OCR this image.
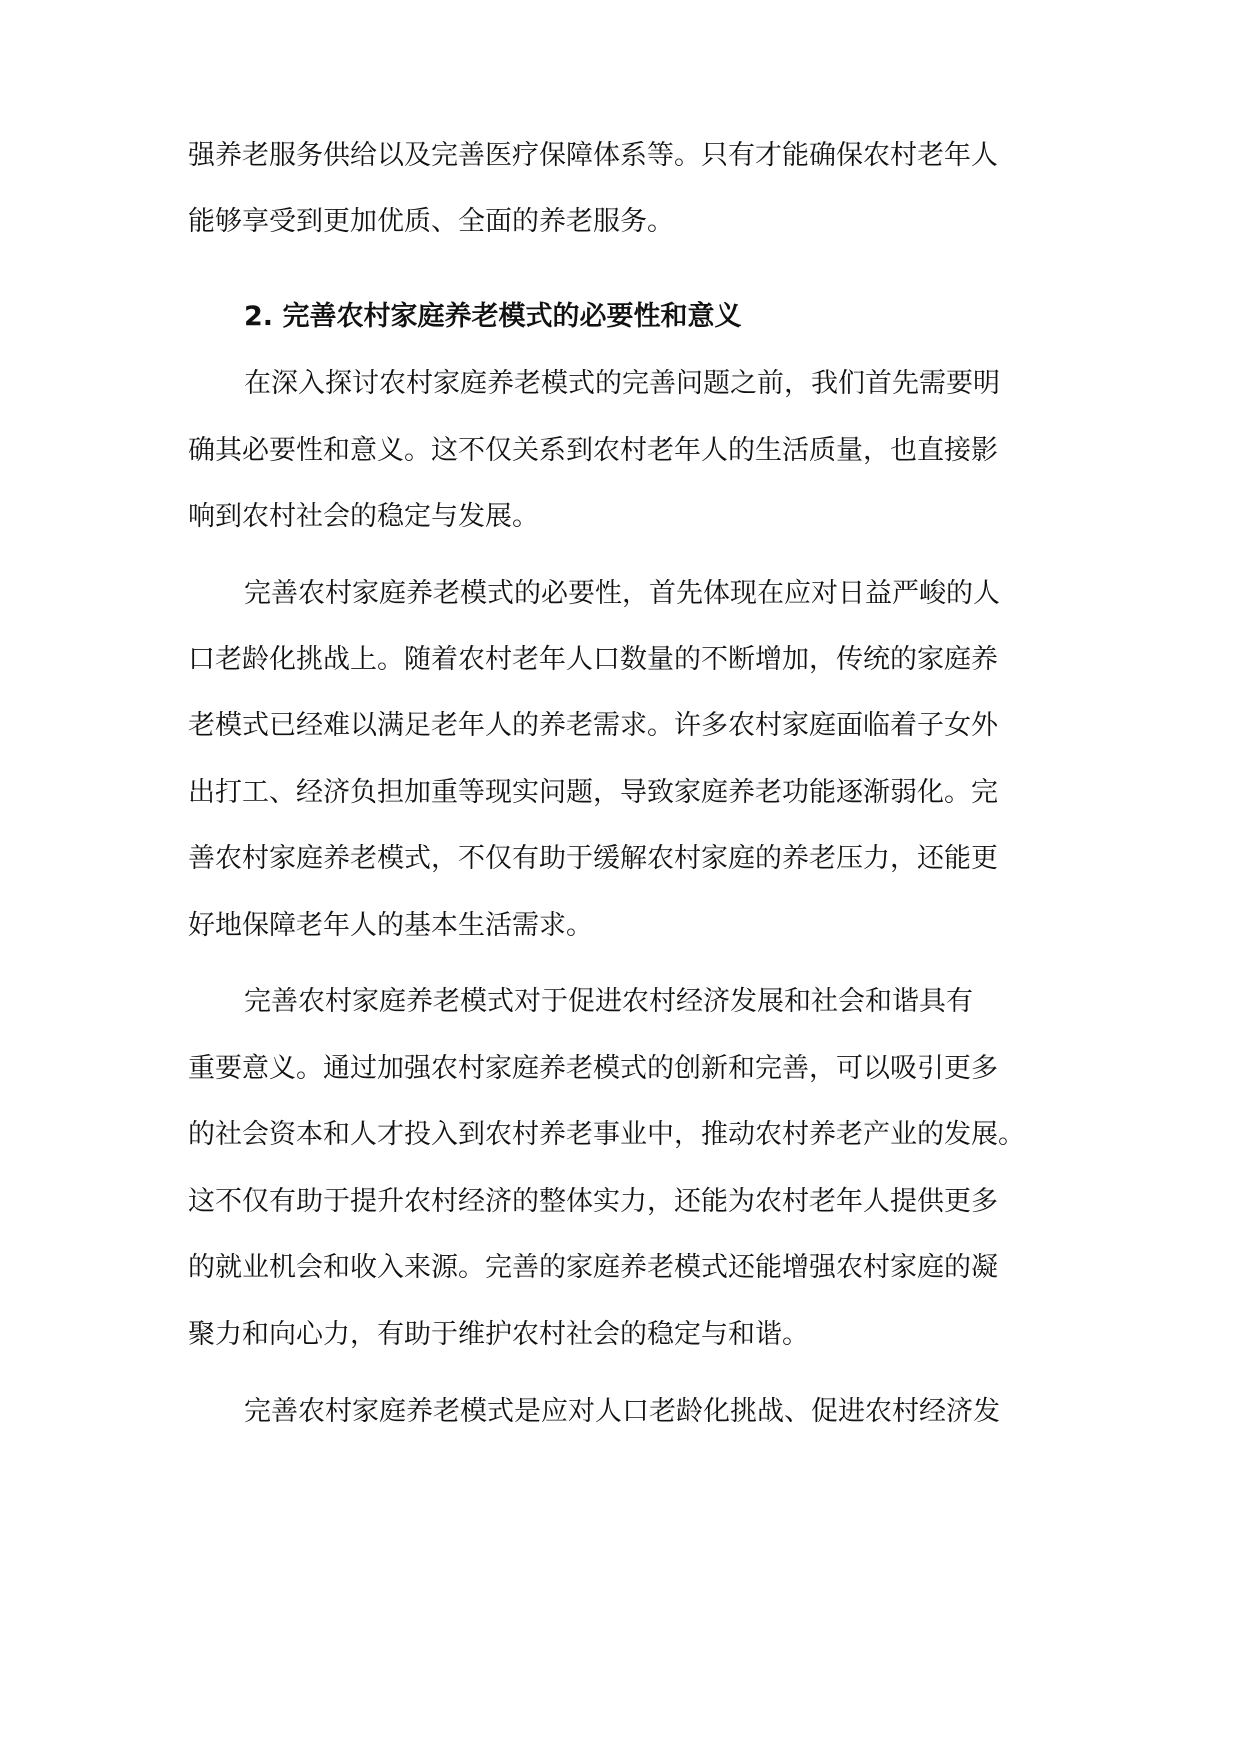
强养老服务供给以及完善医疗保障体系等。只有才能确保农村老年人
能够享受到更加优质、全面的养老服务。
2. 完善农村家庭养老模式的必要性和意义
在深入探讨农村家庭养老模式的完善问题之前，我们首先需要明
确其必要性和意义。这不仅关系到农村老年人的生活质量，也直接影
响到农村社会的稳定与发展。
完善农村家庭养老模式的必要性，首先体现在应对日益严峻的人
口老龄化挑战上。随着农村老年人口数量的不断增加，传统的家庭养
老模式已经难以满足老年人的养老需求。许多农村家庭面临着子女外
出打工、经济负担加重等现实问题，导致家庭养老功能逐渐弱化。完
善农村家庭养老模式，不仅有助于缓解农村家庭的养老压力，还能更
好地保障老年人的基本生活需求。
完善农村家庭养老模式对于促进农村经济发展和社会和谐具有
重要意义。通过加强农村家庭养老模式的创新和完善，可以吸引更多
的社会资本和人才投入到农村养老事业中，推动农村养老产业的发展。
这不仅有助于提升农村经济的整体实力，还能为农村老年人提供更多
的就业机会和收入来源。完善的家庭养老模式还能增强农村家庭的凝
聚力和向心力，有助于维护农村社会的稳定与和谐。
完善农村家庭养老模式是应对人口老龄化挑战、促进农村经济发
